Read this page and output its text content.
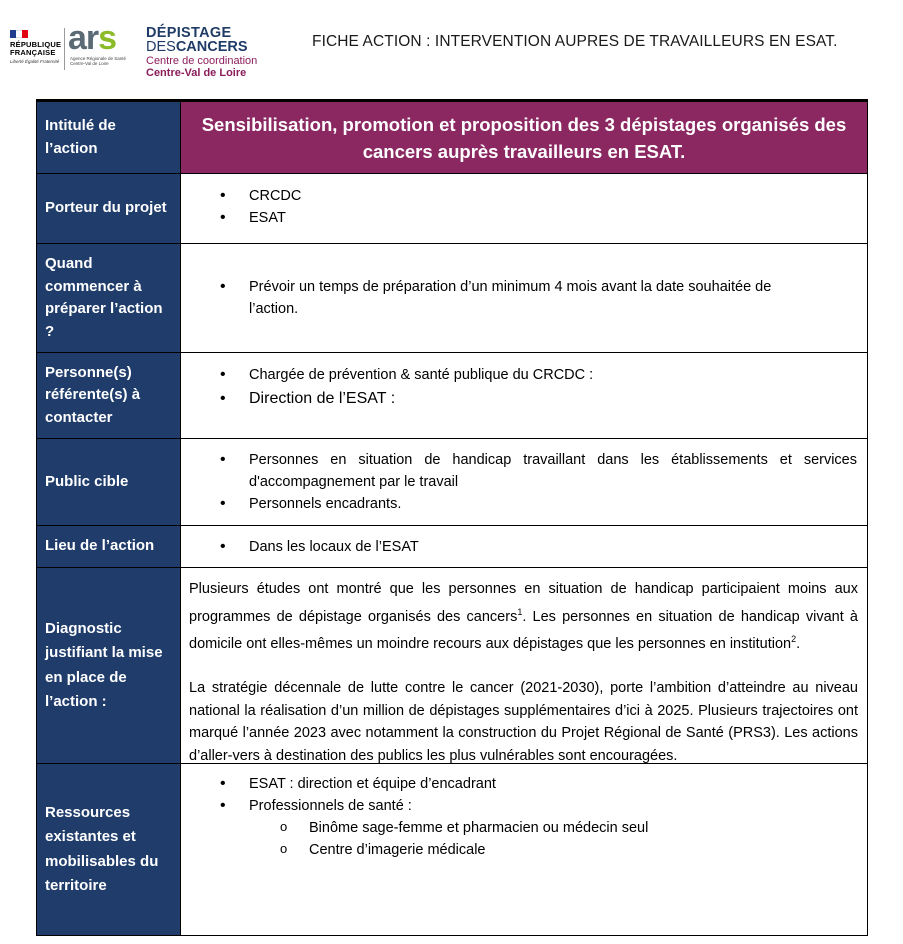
RÉPUBLIQUE
FRANÇAISE
Liberté Égalité Fraternité
ars
Agence Régionale de Santé Centre-Val de Loire
DÉPISTAGE
DESCANCERS
Centre de coordination
Centre-Val de Loire
FICHE ACTION : INTERVENTION AUPRES DE TRAVAILLEURS EN ESAT.
Intitulé de l’action
Sensibilisation, promotion et proposition des 3 dépistages organisés des cancers auprès travailleurs en ESAT.
Porteur du projet
• CRCDC
• ESAT
Quand commencer à préparer l’action ?
• Prévoir un temps de préparation d’un minimum 4 mois avant la date souhaitée de l’action.
Personne(s) référente(s) à contacter
• Chargée de prévention & santé publique du CRCDC :
• Direction de l’ESAT :
Public cible
• Personnes en situation de handicap travaillant dans les établissements et services d'accompagnement par le travail
• Personnels encadrants.
Lieu de l’action
•	Dans les locaux de l’ESAT
Diagnostic justifiant la mise en place de l’action :

Plusieurs études ont montré que les personnes en situation de handicap participaient moins aux programmes de dépistage organisés des cancers$^1$. Les personnes en situation de handicap vivant à domicile ont elles-mêmes un moindre recours aux dépistages que les personnes en institution$^2$.

La stratégie décennale de lutte contre le cancer (2021-2030), porte l’ambition d’atteindre au niveau national la réalisation d’un million de dépistages supplémentaires d’ici à 2025. Plusieurs trajectoires ont marqué l’année 2023 avec notamment la construction du Projet Régional de Santé (PRS3). Les actions d’aller-vers à destination des publics les plus vulnérables sont encouragées.

Ressources existantes et mobilisables du territoire
• ESAT : direction et équipe d’encadrant
• Professionnels de santé :
o Binôme sage-femme et pharmacien ou médecin seul
o Centre d’imagerie médicale
